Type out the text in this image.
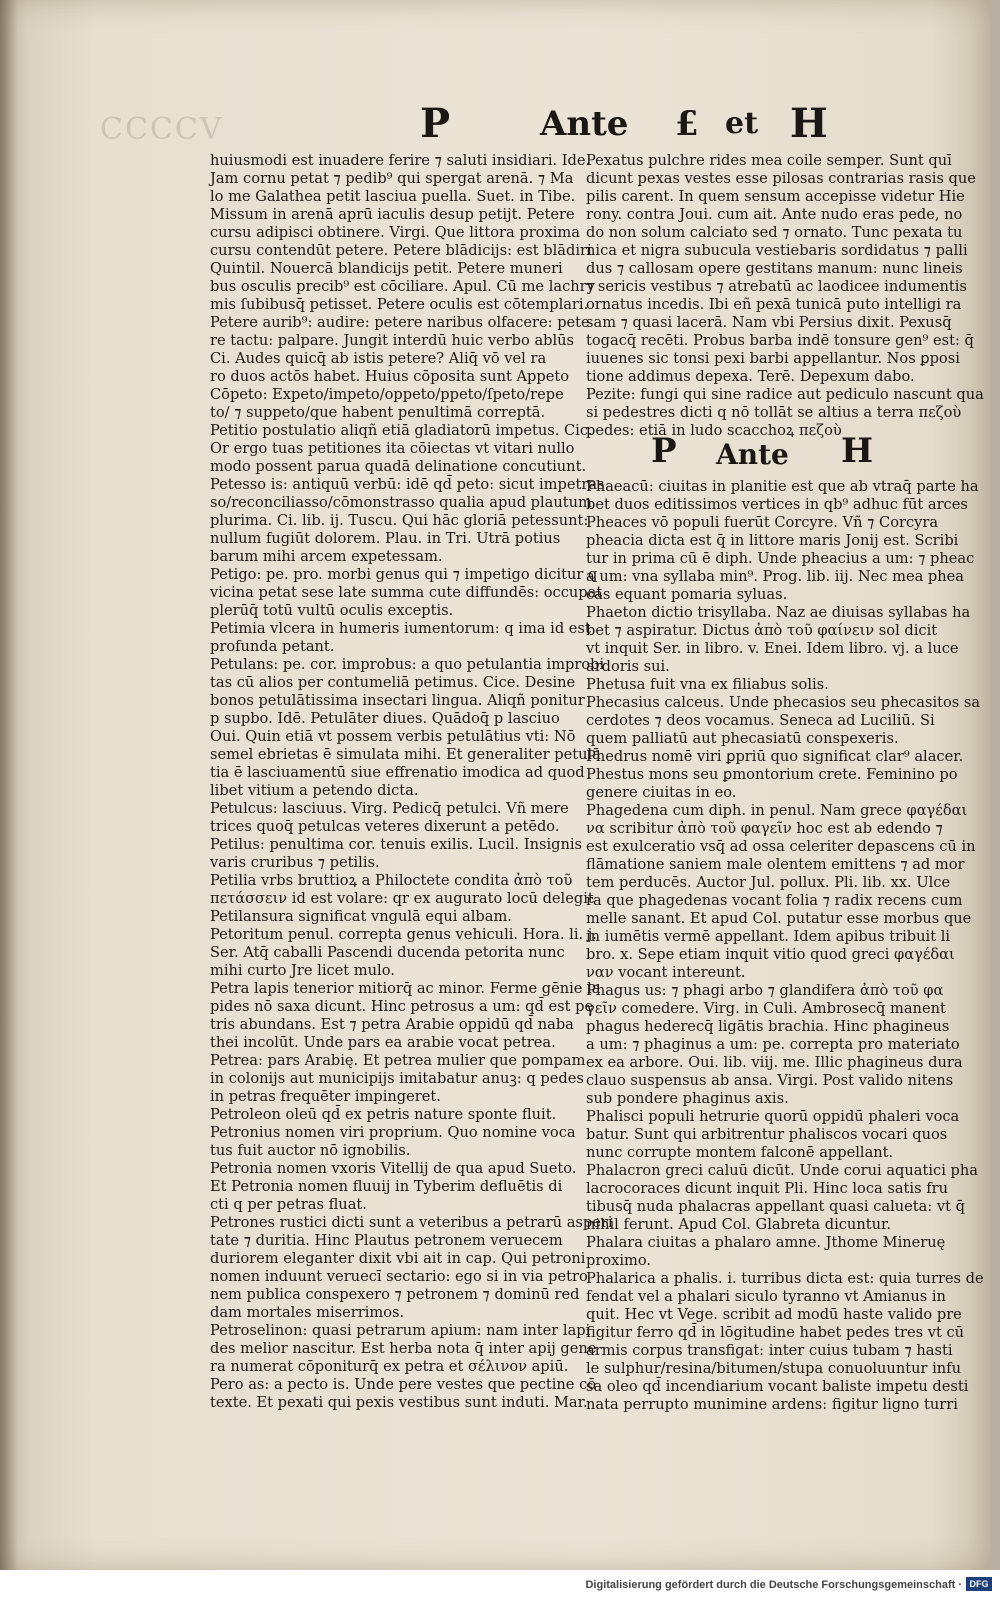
CCCCV	P	Ante £ et H

huiusmodi est inuadere ferire ⁊ saluti insidiari. Ide.

Jam cornu petat ⁊ pedib⁹ qui spergat arenā. ⁊ Ma

lo me Galathea petit lasciua puella. Suet. in Tibe.

Missum in arenā aprū iaculis desup petijt. Petere

cursu adipisci obtinere. Virgi. Que littora proxima

cursu contendūt petere. Petere blādicijs: est blādiri

Quintil. Nouercā blandicijs petit. Petere muneri

bus osculis precib⁹ est cōciliare. Apul. Cū me lachry

mis ſubibusq̄ petisset. Petere oculis est cōtemplari.

Petere aurib⁹: audire: petere naribus olfacere: pete

re tactu: palpare. Jungit interdū huic verbo ablūs

Ci. Audes quicq̄ ab istis petere? Aliq̄ vō vel ra

ro duos actōs habet. Huius cōposita sunt Appeto

Cōpeto: Expeto/impeto/oppeto/ppeto/ſpeto/repe

to/ ⁊ suppeto/que habent penultimā correptā.

Petitio postulatio aliqñ etiā gladiatorū impetus. Cic.

Or ergo tuas petitiones ita cōiectas vt vitari nullo

modo possent parua quadā delinatione concutiunt.

Petesso is: antiquū verbū: idē qd̄ peto: sicut impetras

so/reconciliasso/cōmonstrasso qualia apud plautum

plurima. Ci. lib. ij. Tuscu. Qui hāc gloriā petessunt:

nullum fugiūt dolorem. Plau. in Tri. Utrā potius

barum mihi arcem expetessam.

Petigo: pe. pro. morbi genus qui ⁊ impetigo dicitur q

vicina petat sese late summa cute diffundēs: occupat

plerūq̄ totū vultū oculis exceptis.

Petimia vlcera in humeris iumentorum: q ima id est

profunda petant.

Petulans: pe. cor. improbus: a quo petulantia improbi

tas cū alios per contumeliā petimus. Cice. Desine

bonos petulātissima insectari lingua. Aliqñ ponitur

p supbo. Idē. Petulāter diues. Quādoq̄ p lasciuo

Oui. Quin etiā vt possem verbis petulātius vti: Nō

semel ebrietas ē simulata mihi. Et generaliter petulā

tia ē lasciuamentū siue effrenatio imodica ad quod

libet vitium a petendo dicta.

Petulcus: lasciuus. Virg. Pedicq̄ petulci. Vñ mere

trices quoq̄ petulcas veteres dixerunt a petēdo.

Petilus: penultima cor. tenuis exilis. Lucil. Insignis

varis cruribus ⁊ petilis.

Petilia vrbs bruttioꝝ a Philoctete condita ἀπὸ τοῦ

πετάσσειν id est volare: qr ex augurato locū delegit

Petilansura significat vngulā equi albam.

Petoritum penul. correpta genus vehiculi. Hora. li. j.

Ser. Atq̄ caballi Pascendi ducenda petorita nunc

mihi curto Jre licet mulo.

Petra lapis tenerior mitiorq̄ ac minor. Ferme gēnie la

pides nō saxa dicunt. Hinc petrosus a um: qd̄ est pe

tris abundans. Est ⁊ petra Arabie oppidū qd̄ naba

thei incolūt. Unde pars ea arabie vocat petrea.

Petrea: pars Arabię. Et petrea mulier que pompam

in colonijs aut municipijs imitabatur anuꝫ: q pedes

in petras frequēter impingeret.

Petroleon oleū qd̄ ex petris nature sponte fluit.

Petronius nomen viri proprium. Quo nomine voca

tus fuit auctor nō ignobilis.

Petronia nomen vxoris Vitellij de qua apud Sueto.

Et Petronia nomen fluuij in Tyberim defluētis di

cti q per petras fluat.

Petrones rustici dicti sunt a veteribus a petrarū asperi

tate ⁊ duritia. Hinc Plautus petronem veruecem

duriorem eleganter dixit vbi ait in cap. Qui petroni

nomen induunt veruecī sectario: ego si in via petro

nem publica conspexero ⁊ petronem ⁊ dominū red

dam mortales miserrimos.

Petroselinon: quasi petrarum apium: nam inter lapi

des melior nascitur. Est herba nota q̄ inter apij gene

ra numerat cōponiturq̄ ex petra et σέλινον apiū.

Pero as: a pecto is. Unde pere vestes que pectine cō

texte. Et pexati qui pexis vestibus sunt induti. Mar.

Pexatus pulchre rides mea coile semper. Sunt quī

dicunt pexas vestes esse pilosas contrarias rasis que

pilis carent. In quem sensum accepisse videtur Hie

rony. contra Joui. cum ait. Ante nudo eras pede, no

do non solum calciato sed ⁊ ornato. Tunc pexata tu

nica et nigra subucula vestiebaris sordidatus ⁊ palli

dus ⁊ callosam opere gestitans manum: nunc lineis

⁊ sericis vestibus ⁊ atrebatū ac laodicee indumentis

ornatus incedis. Ibi eñ pexā tunicā puto intelligi ra

sam ⁊ quasi lacerā. Nam vbi Persius dixit. Pexusq̄

togacq̄ recēti. Probus barba indē tonsure gen⁹ est: q̄

iuuenes sic tonsi pexi barbi appellantur. Nos ꝑposi

tione addimus depexa. Terē. Depexum dabo.

Pezite: fungi qui sine radice aut pediculo nascunt qua

si pedestres dicti q nō tollāt se altius a terra πεζοὺ

pedes: etiā in ludo scacchoꝝ πεζοὺ

P Ante H

Phaeacū: ciuitas in planitie est que ab vtraq̄ parte ha

bet duos editissimos vertices in qb⁹ adhuc fūt arces

Pheaces vō populi fuerūt Corcyre. Vñ ⁊ Corcyra

pheacia dicta est q̄ in littore maris Jonij est. Scribi

tur in prima cū ē diph. Unde pheacius a um: ⁊ pheac

a um: vna syllaba min⁹. Prog. lib. iij. Nec mea phea

cas equant pomaria syluas.

Phaeton dictio trisyllaba. Naz ae diuisas syllabas ha

bet ⁊ aspiratur. Dictus ἀπὸ τοῦ φαίνειν sol dicit

vt inquit Ser. in libro. v. Enei. Idem libro. vj. a luce

ardoris sui.

Phetusa fuit vna ex filiabus solis.

Phecasius calceus. Unde phecasios seu phecasitos sa

cerdotes ⁊ deos vocamus. Seneca ad Luciliū. Si

quem palliatū aut phecasiatū conspexeris.

Phedrus nomē viri ꝑpriū quo significat clar⁹ alacer.

Phestus mons seu ꝑmontorium crete. Feminino po

genere ciuitas in eo.

Phagedena cum diph. in penul. Nam grece φαγέδαι

να scribitur ἀπὸ τοῦ φαγεῖν hoc est ab edendo ⁊

est exulceratio vsq̄ ad ossa celeriter depascens cū in

flāmatione saniem male olentem emittens ⁊ ad mor

tem perducēs. Auctor Jul. pollux. Pli. lib. xx. Ulce

ra que phagedenas vocant folia ⁊ radix recens cum

melle sanant. Et apud Col. putatur esse morbus que

in iumētis vermē appellant. Idem apibus tribuit li

bro. x. Sepe etiam inquit vitio quod greci φαγέδαι

ναν vocant intereunt.

Phagus us: ⁊ phagi arbo ⁊ glandifera ἀπὸ τοῦ φα

γεῖν comedere. Virg. in Culi. Ambrosecq̄ manent

phagus hederecq̄ ligātis brachia. Hinc phagineus

a um: ⁊ phaginus a um: pe. correpta pro materiato

ex ea arbore. Oui. lib. viij. me. Illic phagineus dura

clauo suspensus ab ansa. Virgi. Post valido nitens

sub pondere phaginus axis.

Phalisci populi hetrurie quorū oppidū phaleri voca

batur. Sunt qui arbitrentur phaliscos vocari quos

nunc corrupte montem falconē appellant.

Phalacron greci caluū dicūt. Unde corui aquatici pha

lacrocoraces dicunt inquit Pli. Hinc loca satis fru

tibusq̄ nuda phalacras appellant quasi calueta: vt q̄

nihil ferunt. Apud Col. Glabreta dicuntur.

Phalara ciuitas a phalaro amne. Jthome Mineruę

proximo.

Phalarica a phalis. i. turribus dicta est: quia turres de

fendat vel a phalari siculo tyranno vt Amianus in

quit. Hec vt Vege. scribit ad modū haste valido pre

figitur ferro qd̄ in lōgitudine habet pedes tres vt cū

armis corpus transfigat: inter cuius tubam ⁊ hasti

le sulphur/resina/bitumen/stupa conuoluuntur infu

sa oleo qd̄ incendiarium vocant baliste impetu desti

nata perrupto munimine ardens: figitur ligno turri

Digitalisierung gefördert durch die Deutsche Forschungsgemeinschaft · DFG
